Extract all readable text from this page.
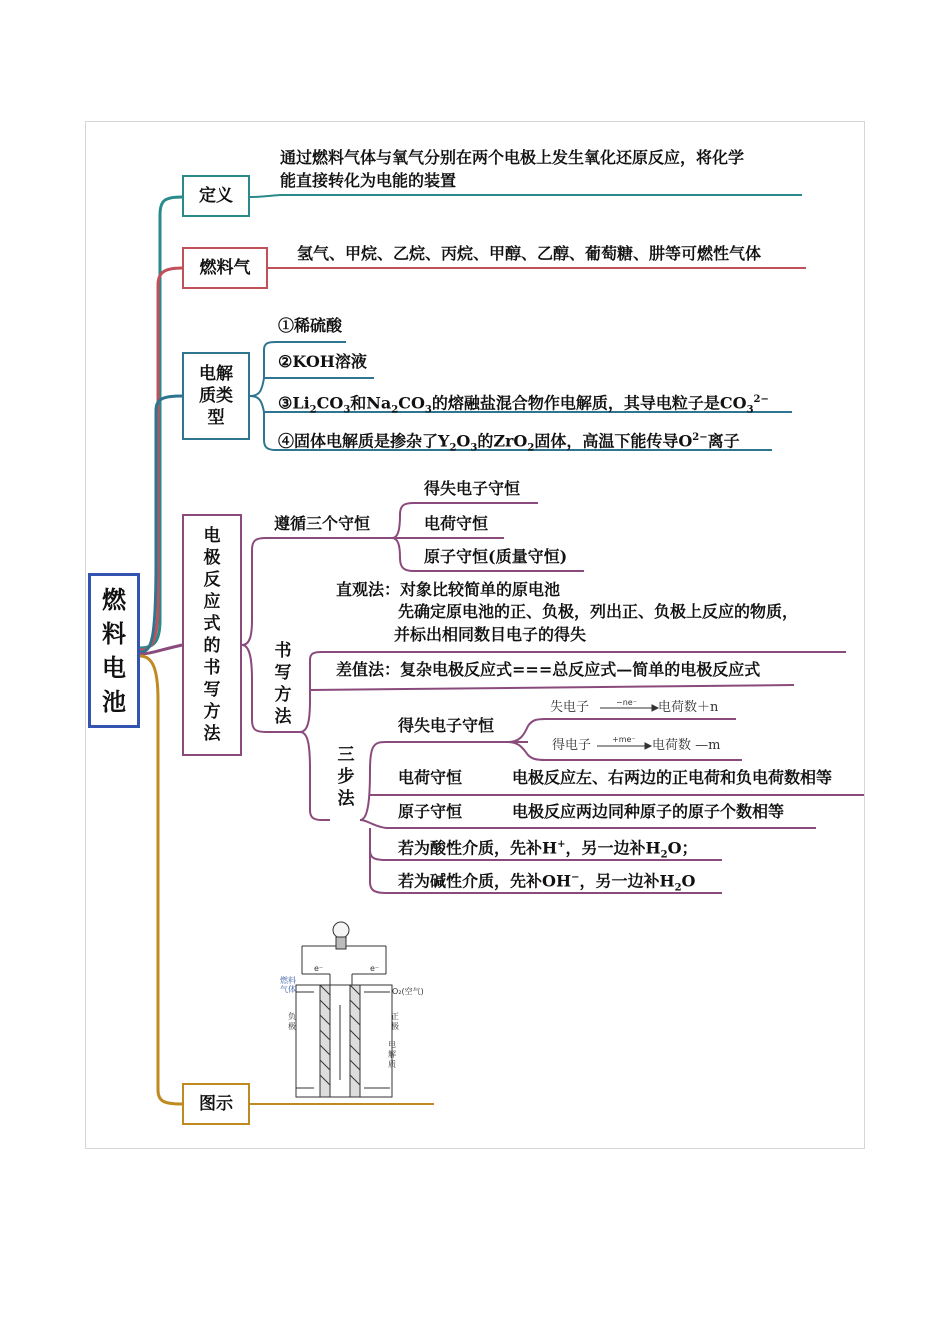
燃料电池
定义
通过燃料气体与氧气分别在两个电极上发生氧化还原反应，将化学
能直接转化为电能的装置
燃料气
氢气、甲烷、乙烷、丙烷、甲醇、乙醇、葡萄糖、肼等可燃性气体
电解质类型
①稀硫酸
②KOH溶液
$③Li_2CO_3$和$Na_2CO_3$的熔融盐混合物作电解质，其导电粒子是$CO_3^{2-}$
④固体电解质是掺杂了$Y_2O_3$的ZrO$_2$固体，高温下能传导$O^{2-}$离子
电极反应式的书写方法
遵循三个守恒
得失电子守恒
电荷守恒
原子守恒(质量守恒)
书写方法
直观法：对象比较简单的原电池
先确定原电池的正、负极，列出正、负极上反应的物质，
并标出相同数目电子的得失
差值法：复杂电极反应式===总反应式—简单的电极反应式
三步法
得失电子守恒
失电子	−ne⁻ 电荷数＋n
得电子	+me⁻ 电荷数 —m
电荷守恒	电极反应左、右两边的正电荷和负电荷数相等
原子守恒	电极反应两边同种原子的原子个数相等
若为酸性介质，先补H+，另一边补$H_2O$；
若为碱性介质，先补OH−，另一边补$H_2O$
图示
燃料气体
e⁻	e⁻
O₂(空气)
负极
正极
电解质
